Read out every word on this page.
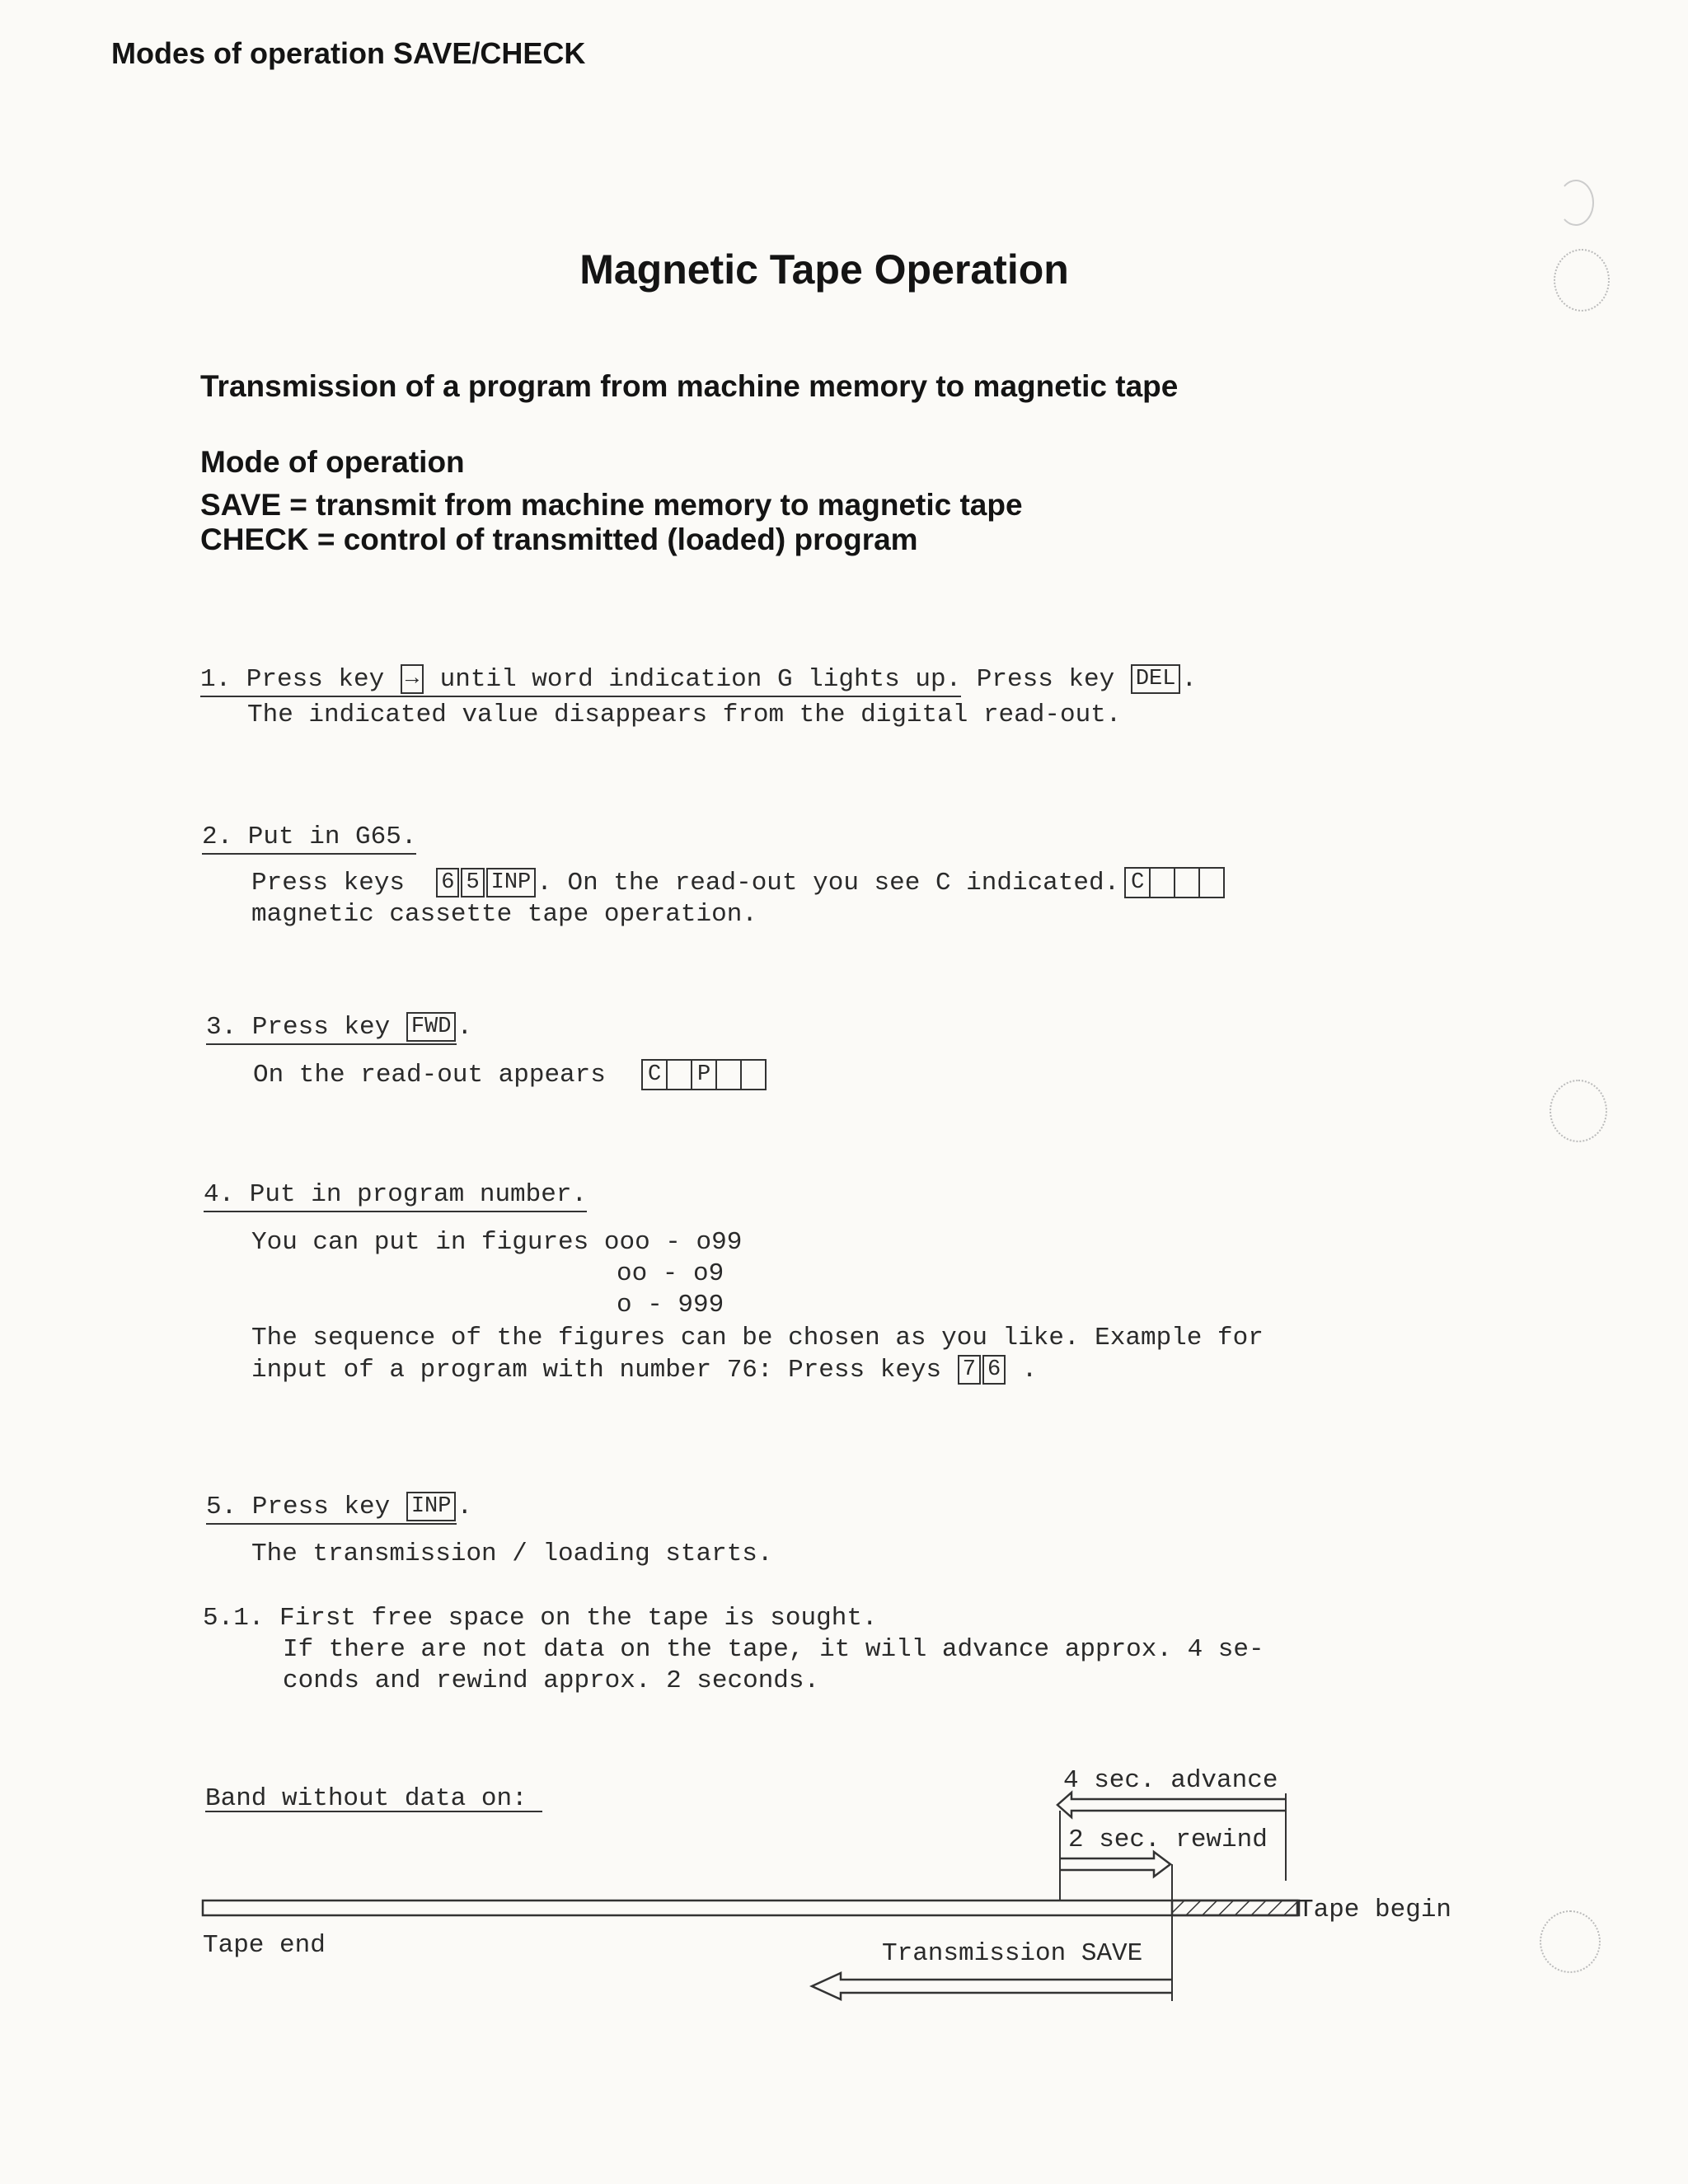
Modes of operation SAVE/CHECK
Magnetic Tape Operation
Transmission of a program from machine memory to magnetic tape
Mode of operation
SAVE = transmit from machine memory to magnetic tape
CHECK = control of transmitted (loaded) program
1. Press key → until word indication G lights up. Press key DEL .
The indicated value disappears from the digital read-out.
2. Put in G65.
Press keys 6 5 INP . On the read-out you see C indicated. C
magnetic cassette tape operation.
3. Press key FWD .
On the read-out appears C P
4. Put in program number.
You can put in figures ooo - o99
oo - o9
o - 999
The sequence of the figures can be chosen as you like. Example for
input of a program with number 76: Press keys 7 6 .
5. Press key INP .
The transmission / loading starts.
5.1. First free space on the tape is sought.
If there are not data on the tape, it will advance approx. 4 se-
conds and rewind approx. 2 seconds.
Band without data on:
4 sec. advance
2 sec. rewind
Tape begin
Tape end	Transmission SAVE
